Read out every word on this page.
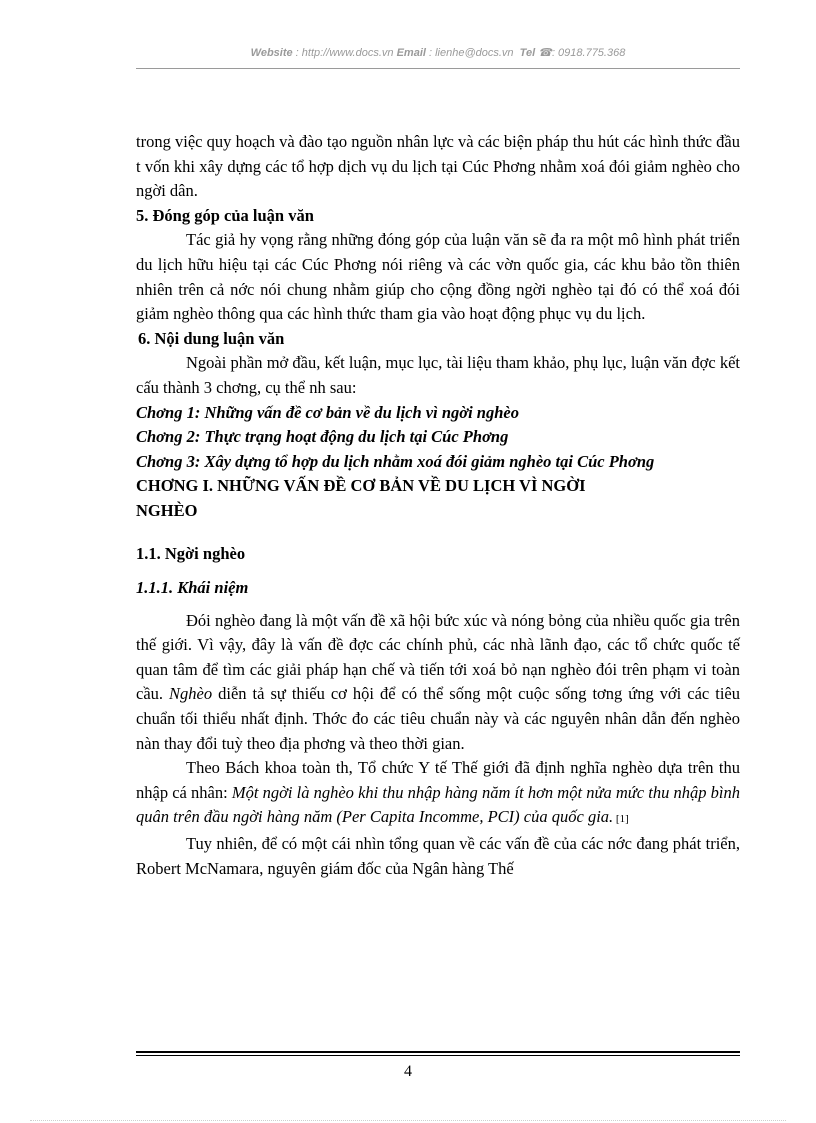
Website : http://www.docs.vn Email : lienhe@docs.vn Tel ☎: 0918.775.368

trong việc quy hoạch và đào tạo nguồn nhân lực và các biện pháp thu hút các hình thức đầu t vốn khi xây dựng các tổ hợp dịch vụ du lịch tại Cúc Phơng nhằm xoá đói giảm nghèo cho ngời dân.

5. Đóng góp của luận văn

Tác giả hy vọng rằng những đóng góp của luận văn sẽ đa ra một mô hình phát triển du lịch hữu hiệu tại các Cúc Phơng nói riêng và các vờn quốc gia, các khu bảo tồn thiên nhiên trên cả nớc nói chung nhằm giúp cho cộng đồng ngời nghèo tại đó có thể xoá đói giảm nghèo thông qua các hình thức tham gia vào hoạt động phục vụ du lịch.

6. Nội dung luận văn

Ngoài phần mở đầu, kết luận, mục lục, tài liệu tham khảo, phụ lục, luận văn đợc kết cấu thành 3 chơng, cụ thể nh sau:

Chơng 1: Những vấn đề cơ bản về du lịch vì ngời nghèo

Chơng 2: Thực trạng hoạt động du lịch tại Cúc Phơng

Chơng 3: Xây dựng tổ hợp du lịch nhằm xoá đói giảm nghèo tại Cúc Phơng

CHƠNG I. NHỮNG VẤN ĐỀ CƠ BẢN VỀ DU LỊCH VÌ NGỜI

NGHÈO

1.1. Ngời nghèo

1.1.1. Khái niệm

Đói nghèo đang là một vấn đề xã hội bức xúc và nóng bỏng của nhiều quốc gia trên thế giới. Vì vậy, đây là vấn đề đợc các chính phủ, các nhà lãnh đạo, các tổ chức quốc tế quan tâm để tìm các giải pháp hạn chế và tiến tới xoá bỏ nạn nghèo đói trên phạm vi toàn cầu. Nghèo diễn tả sự thiếu cơ hội để có thể sống một cuộc sống tơng ứng với các tiêu chuẩn tối thiểu nhất định. Thớc đo các tiêu chuẩn này và các nguyên nhân dẫn đến nghèo nàn thay đổi tuỳ theo địa phơng và theo thời gian.

Theo Bách khoa toàn th, Tổ chức Y tế Thế giới đã định nghĩa nghèo dựa trên thu nhập cá nhân: Một ngời là nghèo khi thu nhập hàng năm ít hơn một nửa mức thu nhập bình quân trên đầu ngời hàng năm (Per Capita Incomme, PCI) của quốc gia. [1]

Tuy nhiên, để có một cái nhìn tổng quan về các vấn đề của các nớc đang phát triển, Robert McNamara, nguyên giám đốc của Ngân hàng Thế

4
